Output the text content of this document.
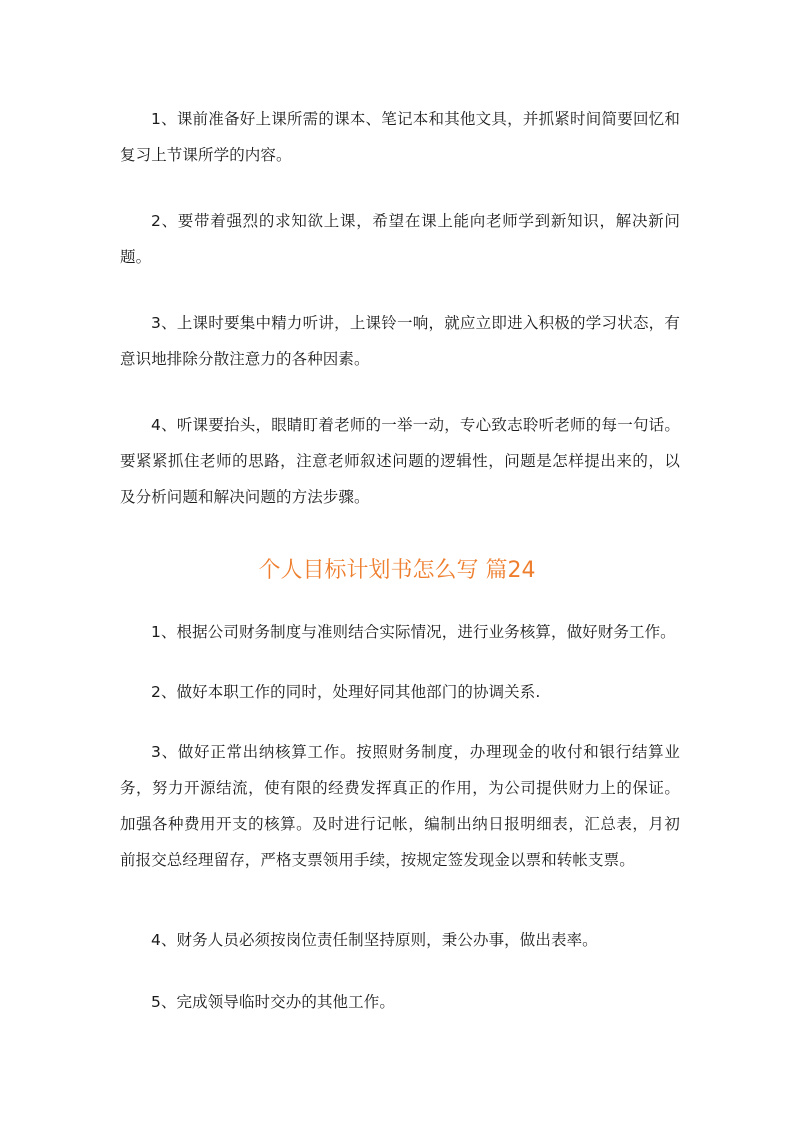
1、课前准备好上课所需的课本、笔记本和其他文具，并抓紧时间简要回忆和复习上节课所学的内容。

2、要带着强烈的求知欲上课，希望在课上能向老师学到新知识，解决新问题。

3、上课时要集中精力听讲，上课铃一响，就应立即进入积极的学习状态，有意识地排除分散注意力的各种因素。

4、听课要抬头，眼睛盯着老师的一举一动，专心致志聆听老师的每一句话。要紧紧抓住老师的思路，注意老师叙述问题的逻辑性，问题是怎样提出来的，以及分析问题和解决问题的方法步骤。

个人目标计划书怎么写 篇24

1、根据公司财务制度与准则结合实际情况，进行业务核算，做好财务工作。

2、做好本职工作的同时，处理好同其他部门的协调关系.

3、做好正常出纳核算工作。按照财务制度，办理现金的收付和银行结算业务，努力开源结流，使有限的经费发挥真正的作用，为公司提供财力上的保证。加强各种费用开支的核算。及时进行记帐，编制出纳日报明细表，汇总表，月初前报交总经理留存，严格支票领用手续，按规定签发现金以票和转帐支票。

4、财务人员必须按岗位责任制坚持原则，秉公办事，做出表率。

5、完成领导临时交办的其他工作。
